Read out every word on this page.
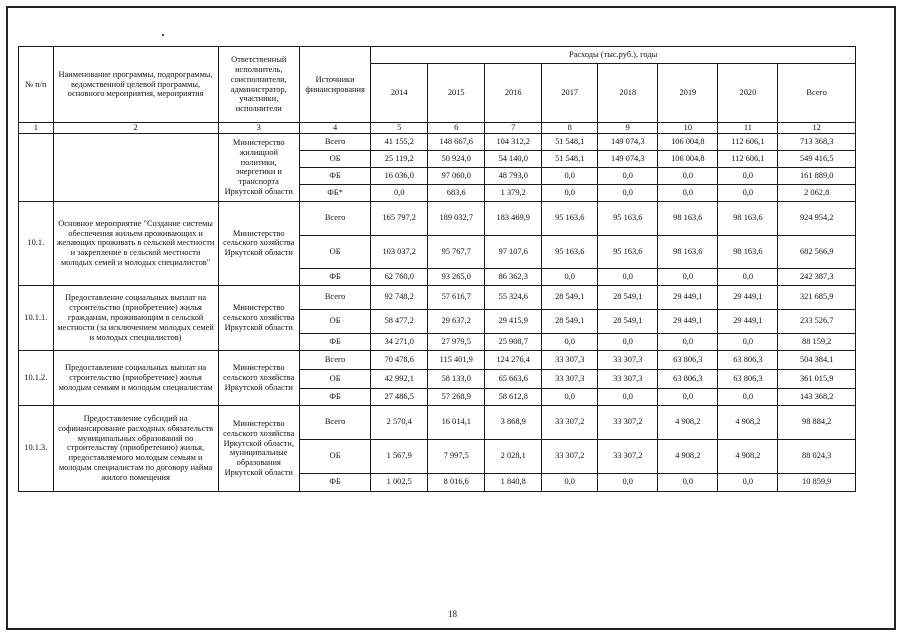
№ п/п	Наименование программы, подпрограммы, ведомственной целевой программы, основного мероприятия, мероприятия	Ответственный исполнитель, соисполнители, администратор, участники, исполнители	Источники финансирования	Расходы (тыс.руб.), годы							
				2014	2015	2016	2017	2018	2019	2020	Всего
1	2	3	4	5	6	7	8	9	10	11	12
		Министерство жилищной политики, энергетики и транспорта Иркутской области	Всего	41 155,2	148 667,6	104 312,2	51 548,1	149 074,3	106 004,8	112 606,1	713 368,3
			ОБ	25 119,2	50 924,0	54 140,0	51 548,1	149 074,3	106 004,8	112 606,1	549 416,5
			ФБ	16 036,0	97 060,0	48 793,0	0,0	0,0	0,0	0,0	161 889,0
			ФБ*	0,0	683,6	1 379,2	0,0	0,0	0,0	0,0	2 062,8
10.1.	Основное мероприятие "Создание системы обеспечения жильем проживающих и желающих проживать в сельской местности и закрепление в сельской местности молодых семей и молодых специалистов"	Министерство сельского хозяйства Иркутской области	Всего	165 797,2	189 032,7	183 469,9	95 163,6	95 163,6	98 163,6	98 163,6	924 954,2
			ОБ	103 037,2	95 767,7	97 107,6	95 163,6	95 163,6	98 163,6	98 163,6	682 566,9
			ФБ	62 760,0	93 265,0	86 362,3	0,0	0,0	0,0	0,0	242 387,3
10.1.1.	Предоставление социальных выплат на строительство (приобретение) жилья гражданам, проживающим в сельской местности (за исключением молодых семей и молодых специалистов)	Министерство сельского хозяйства Иркутской области	Всего	92 748,2	57 616,7	55 324,6	28 549,1	28 549,1	29 449,1	29 449,1	321 685,9
			ОБ	58 477,2	29 637,2	29 415,9	28 549,1	28 549,1	29 449,1	29 449,1	233 526,7
			ФБ	34 271,0	27 979,5	25 908,7	0,0	0,0	0,0	0,0	88 159,2
10.1.2.	Предоставление социальных выплат на строительство (приобретение) жилья молодым семьям и молодым специалистам	Министерство сельского хозяйства Иркутской области	Всего	70 478,6	115 401,9	124 276,4	33 307,3	33 307,3	63 806,3	63 806,3	504 384,1
			ОБ	42 992,1	58 133,0	65 663,6	33 307,3	33 307,3	63 806,3	63 806,3	361 015,9
			ФБ	27 486,5	57 268,9	58 612,8	0,0	0,0	0,0	0,0	143 368,2
10.1.3.	Предоставление субсидий на софинансирование расходных обязательств муниципальных образований по строительству (приобретению) жилья, предоставляемого молодым семьям и молодым специалистам по договору найма жилого помещения	Министерство сельского хозяйства Иркутской области, муниципальные образования Иркутской области	Всего	2 570,4	16 014,1	3 868,9	33 307,2	33 307,2	4 908,2	4 908,2	98 884,2
			ОБ	1 567,9	7 997,5	2 028,1	33 307,2	33 307,2	4 908,2	4 908,2	88 024,3
			ФБ	1 002,5	8 016,6	1 840,8	0,0	0,0	0,0	0,0	10 859,9
18
